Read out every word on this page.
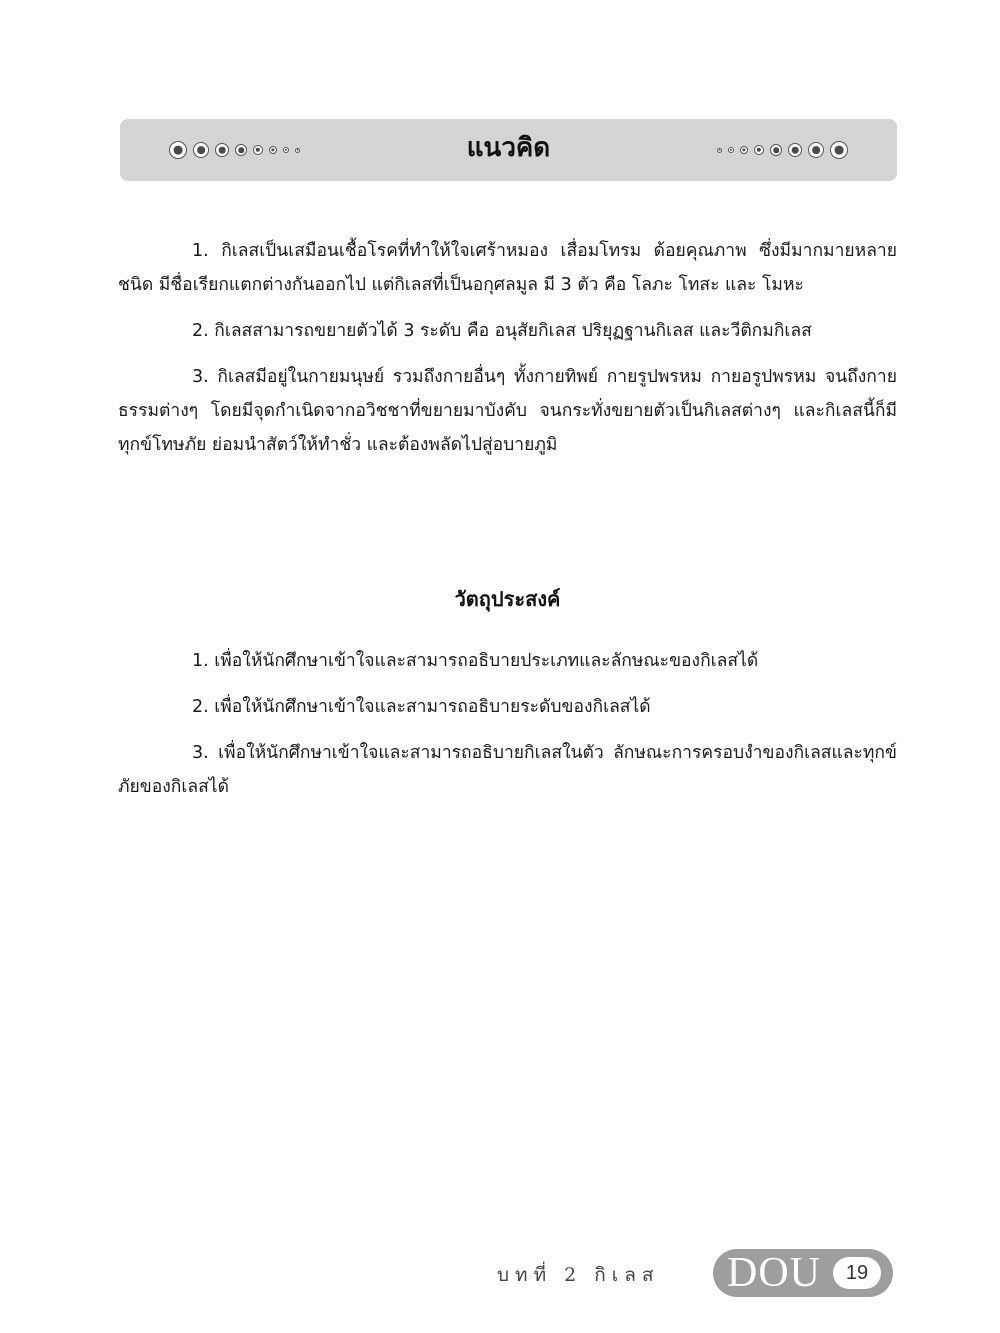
แนวคิด

1. กิเลสเป็นเสมือนเชื้อโรคที่ทำให้ใจเศร้าหมอง เสื่อมโทรม ด้อยคุณภาพ ซึ่งมีมากมายหลายชนิด มีชื่อเรียกแตกต่างกันออกไป แต่กิเลสที่เป็นอกุศลมูล มี 3 ตัว คือ โลภะ โทสะ และ โมหะ

2. กิเลสสามารถขยายตัวได้ 3 ระดับ คือ อนุสัยกิเลส ปริยุฏฐานกิเลส และวีติกมกิเลส

3. กิเลสมีอยู่ในกายมนุษย์ รวมถึงกายอื่นๆ ทั้งกายทิพย์ กายรูปพรหม กายอรูปพรหม จนถึงกายธรรมต่างๆ โดยมีจุดกำเนิดจากอวิชชาที่ขยายมาบังคับ จนกระทั่งขยายตัวเป็นกิเลสต่างๆ และกิเลสนี้ก็มีทุกข์โทษภัย ย่อมนำสัตว์ให้ทำชั่ว และต้องพลัดไปสู่อบายภูมิ

วัตถุประสงค์

1. เพื่อให้นักศึกษาเข้าใจและสามารถอธิบายประเภทและลักษณะของกิเลสได้

2. เพื่อให้นักศึกษาเข้าใจและสามารถอธิบายระดับของกิเลสได้

3. เพื่อให้นักศึกษาเข้าใจและสามารถอธิบายกิเลสในตัว ลักษณะการครอบงำของกิเลสและทุกข์ภัยของกิเลสได้

บทที่ 2 กิเลส DOU	19
